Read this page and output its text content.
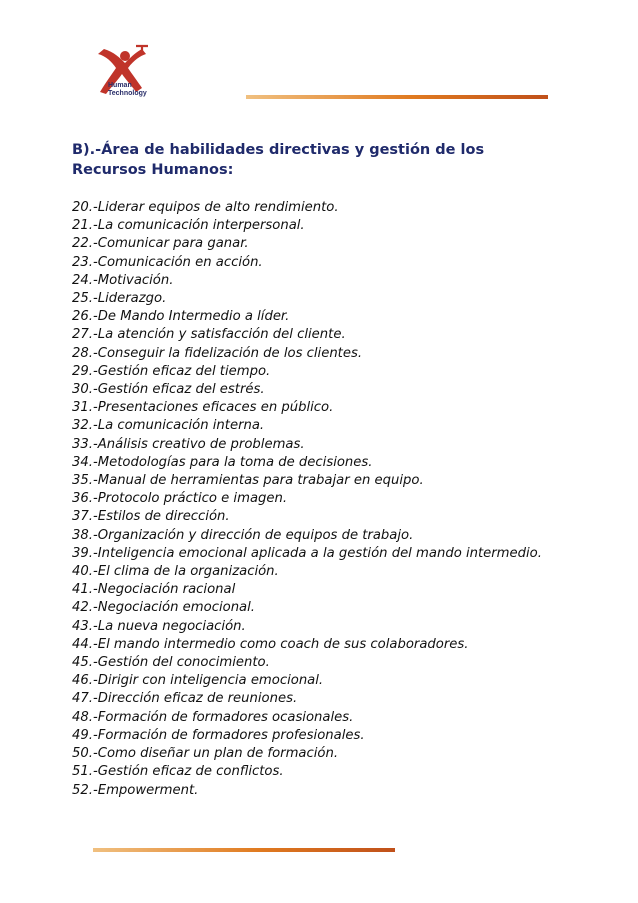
Human
Technology
B).-Área de habilidades directivas y gestión de los Recursos Humanos:
20.-Liderar equipos de alto rendimiento.
21.-La comunicación interpersonal.
22.-Comunicar para ganar.
23.-Comunicación en acción.
24.-Motivación.
25.-Liderazgo.
26.-De Mando Intermedio a líder.
27.-La atención y satisfacción del cliente.
28.-Conseguir la fidelización de los clientes.
29.-Gestión eficaz del tiempo.
30.-Gestión eficaz del estrés.
31.-Presentaciones eficaces en público.
32.-La comunicación interna.
33.-Análisis creativo de problemas.
34.-Metodologías para la toma de decisiones.
35.-Manual de herramientas para trabajar en equipo.
36.-Protocolo práctico e imagen.
37.-Estilos de dirección.
38.-Organización y dirección de equipos de trabajo.
39.-Inteligencia emocional aplicada a la gestión del mando intermedio.
40.-El clima de la organización.
41.-Negociación racional
42.-Negociación emocional.
43.-La nueva negociación.
44.-El mando intermedio como coach de sus colaboradores.
45.-Gestión del conocimiento.
46.-Dirigir con inteligencia emocional.
47.-Dirección eficaz de reuniones.
48.-Formación de formadores ocasionales.
49.-Formación de formadores profesionales.
50.-Como diseñar un plan de formación.
51.-Gestión eficaz de conflictos.
52.-Empowerment.
